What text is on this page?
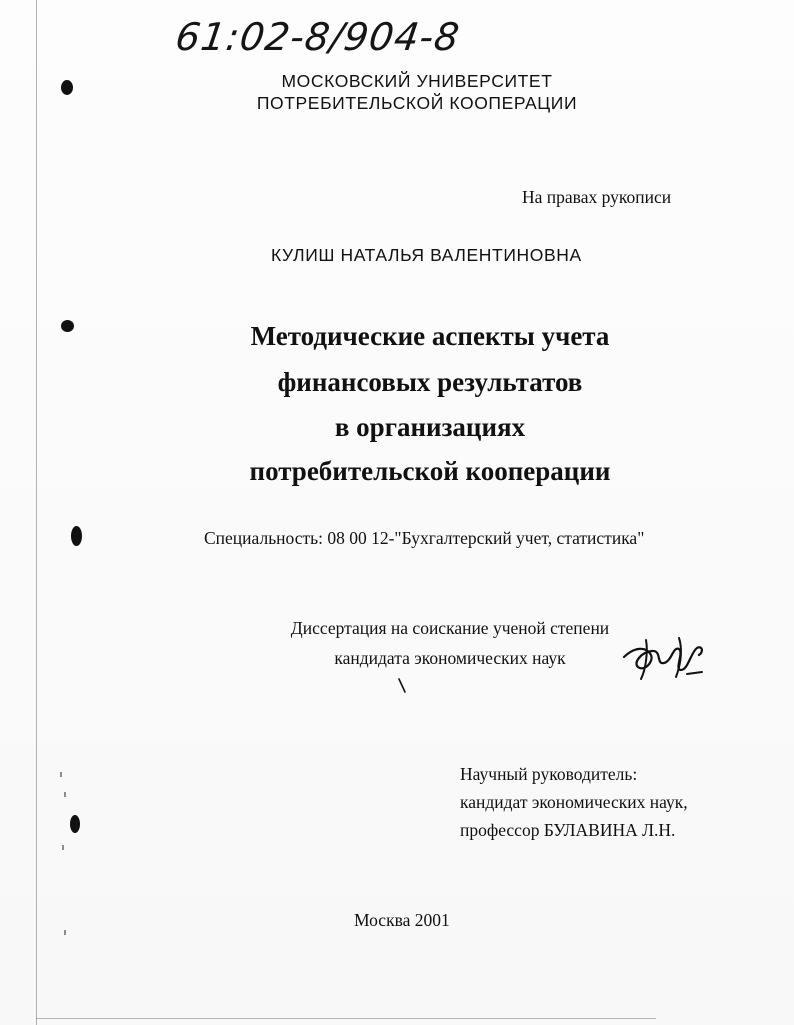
61:02-8/904-8
МОСКОВСКИЙ УНИВЕРСИТЕТ
ПОТРЕБИТЕЛЬСКОЙ КООПЕРАЦИИ
На правах рукописи
КУЛИШ НАТАЛЬЯ ВАЛЕНТИНОВНА
Методические аспекты учета
финансовых результатов
в организациях
потребительской кооперации
Специальность: 08 00 12-"Бухгалтерский учет, статистика"
Диссертация на соискание ученой степени
кандидата экономических наук
Научный руководитель:
кандидат экономических наук,
профессор БУЛАВИНА Л.Н.
Москва 2001
